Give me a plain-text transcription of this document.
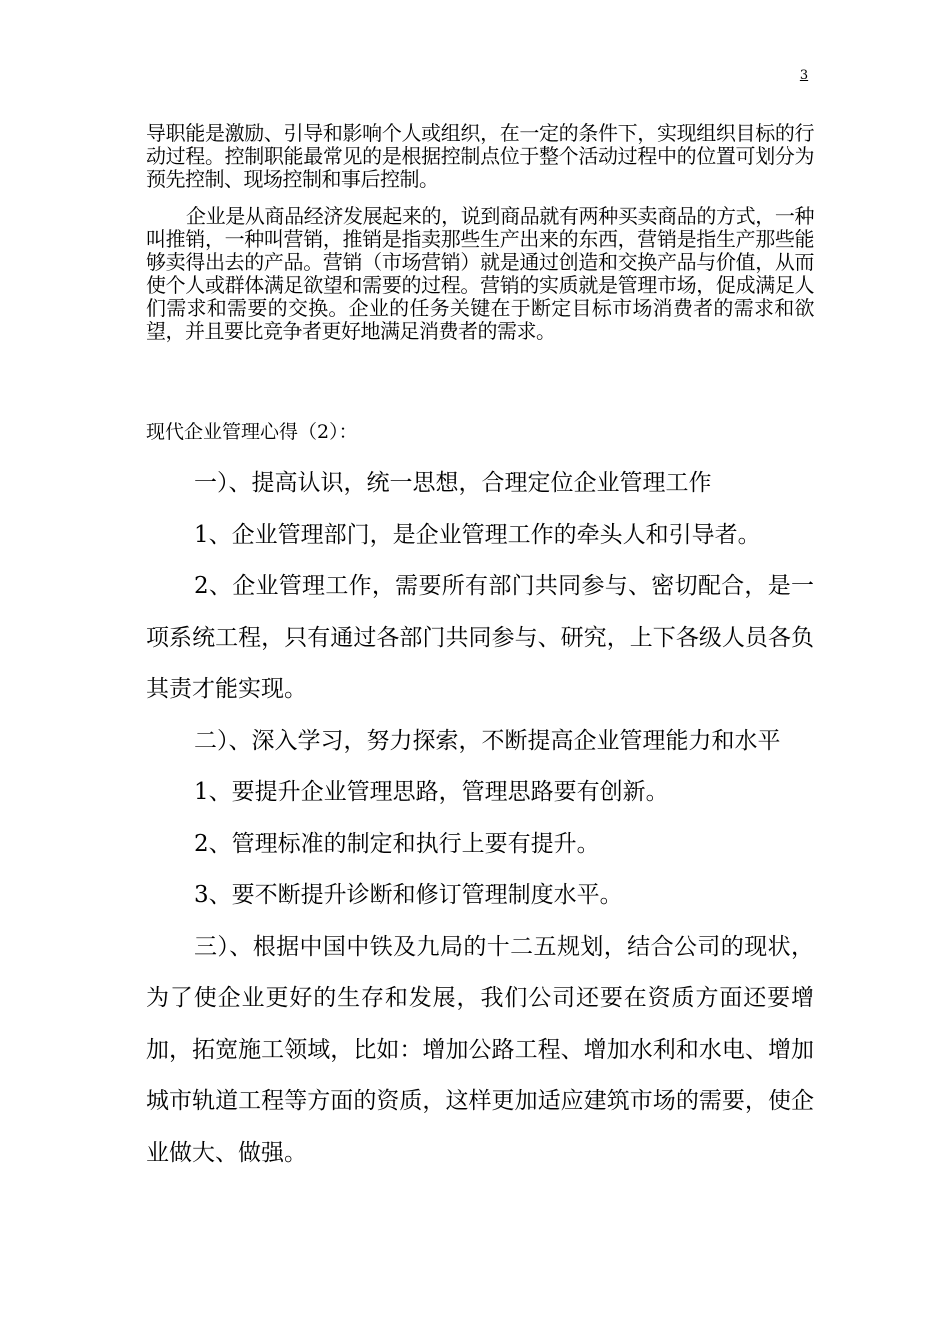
3

导职能是激励、引导和影响个人或组织，在一定的条件下，实现组织目标的行动过程。控制职能最常见的是根据控制点位于整个活动过程中的位置可划分为预先控制、现场控制和事后控制。

企业是从商品经济发展起来的，说到商品就有两种买卖商品的方式，一种叫推销，一种叫营销，推销是指卖那些生产出来的东西，营销是指生产那些能够卖得出去的产品。营销（市场营销）就是通过创造和交换产品与价值，从而使个人或群体满足欲望和需要的过程。营销的实质就是管理市场，促成满足人们需求和需要的交换。企业的任务关键在于断定目标市场消费者的需求和欲望，并且要比竞争者更好地满足消费者的需求。

现代企业管理心得（2）：

一）、提高认识，统一思想，合理定位企业管理工作

1、企业管理部门，是企业管理工作的牵头人和引导者。

2、企业管理工作，需要所有部门共同参与、密切配合，是一项系统工程，只有通过各部门共同参与、研究，上下各级人员各负其责才能实现。

二）、深入学习，努力探索，不断提高企业管理能力和水平

1、要提升企业管理思路，管理思路要有创新。

2、管理标准的制定和执行上要有提升。

3、要不断提升诊断和修订管理制度水平。

三）、根据中国中铁及九局的十二五规划，结合公司的现状，为了使企业更好的生存和发展，我们公司还要在资质方面还要增加，拓宽施工领域，比如：增加公路工程、增加水利和水电、增加城市轨道工程等方面的资质，这样更加适应建筑市场的需要，使企业做大、做强。
